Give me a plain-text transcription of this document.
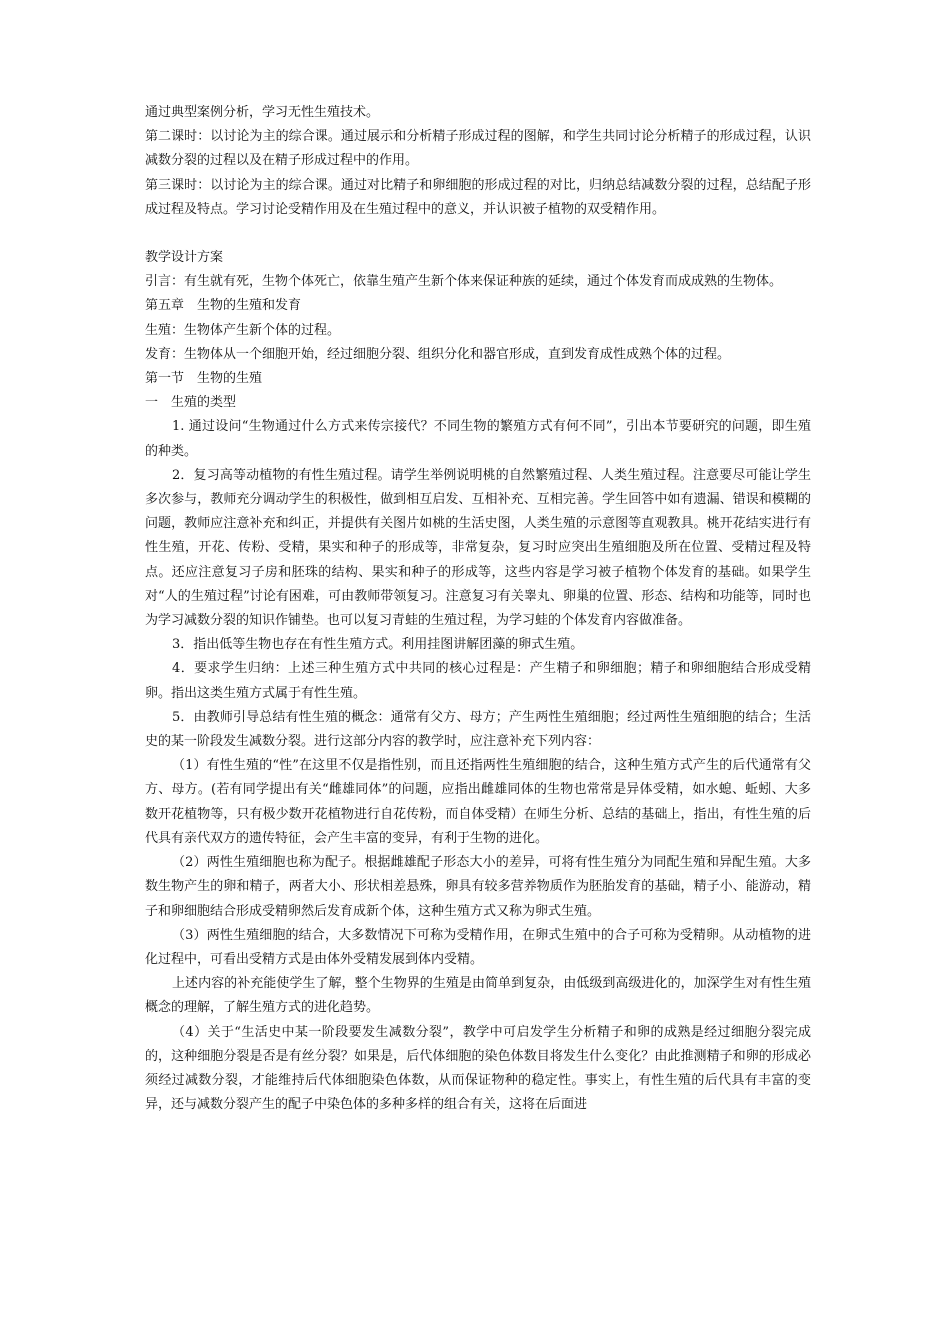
通过典型案例分析，学习无性生殖技术。

第二课时：以讨论为主的综合课。通过展示和分析精子形成过程的图解，和学生共同讨论分析精子的形成过程，认识减数分裂的过程以及在精子形成过程中的作用。

第三课时：以讨论为主的综合课。通过对比精子和卵细胞的形成过程的对比，归纳总结减数分裂的过程，总结配子形成过程及特点。学习讨论受精作用及在生殖过程中的意义，并认识被子植物的双受精作用。

教学设计方案

引言：有生就有死，生物个体死亡，依靠生殖产生新个体来保证种族的延续，通过个体发育而成成熟的生物体。

第五章　生物的生殖和发育

生殖：生物体产生新个体的过程。

发育：生物体从一个细胞开始，经过细胞分裂、组织分化和器官形成，直到发育成性成熟个体的过程。

第一节　生物的生殖

一　生殖的类型

1. 通过设问“生物通过什么方式来传宗接代？不同生物的繁殖方式有何不同”，引出本节要研究的问题，即生殖的种类。

2．复习高等动植物的有性生殖过程。请学生举例说明桃的自然繁殖过程、人类生殖过程。注意要尽可能让学生多次参与，教师充分调动学生的积极性，做到相互启发、互相补充、互相完善。学生回答中如有遗漏、错误和模糊的问题，教师应注意补充和纠正，并提供有关图片如桃的生活史图，人类生殖的示意图等直观教具。桃开花结实进行有性生殖，开花、传粉、受精，果实和种子的形成等，非常复杂，复习时应突出生殖细胞及所在位置、受精过程及特点。还应注意复习子房和胚珠的结构、果实和种子的形成等，这些内容是学习被子植物个体发育的基础。如果学生对“人的生殖过程”讨论有困难，可由教师带领复习。注意复习有关睾丸、卵巢的位置、形态、结构和功能等，同时也为学习减数分裂的知识作铺垫。也可以复习青蛙的生殖过程，为学习蛙的个体发育内容做准备。

3．指出低等生物也存在有性生殖方式。利用挂图讲解团藻的卵式生殖。

4．要求学生归纳：上述三种生殖方式中共同的核心过程是：产生精子和卵细胞；精子和卵细胞结合形成受精卵。指出这类生殖方式属于有性生殖。

5．由教师引导总结有性生殖的概念：通常有父方、母方；产生两性生殖细胞；经过两性生殖细胞的结合；生活史的某一阶段发生减数分裂。进行这部分内容的教学时，应注意补充下列内容：

（1）有性生殖的“性”在这里不仅是指性别，而且还指两性生殖细胞的结合，这种生殖方式产生的后代通常有父方、母方。(若有同学提出有关“雌雄同体”的问题，应指出雌雄同体的生物也常常是异体受精，如水螅、蚯蚓、大多数开花植物等，只有极少数开花植物进行自花传粉，而自体受精）在师生分析、总结的基础上，指出，有性生殖的后代具有亲代双方的遗传特征，会产生丰富的变异，有利于生物的进化。

（2）两性生殖细胞也称为配子。根据雌雄配子形态大小的差异，可将有性生殖分为同配生殖和异配生殖。大多数生物产生的卵和精子，两者大小、形状相差悬殊，卵具有较多营养物质作为胚胎发育的基础，精子小、能游动，精子和卵细胞结合形成受精卵然后发育成新个体，这种生殖方式又称为卵式生殖。

（3）两性生殖细胞的结合，大多数情况下可称为受精作用，在卵式生殖中的合子可称为受精卵。从动植物的进化过程中，可看出受精方式是由体外受精发展到体内受精。

上述内容的补充能使学生了解，整个生物界的生殖是由简单到复杂，由低级到高级进化的，加深学生对有性生殖概念的理解，了解生殖方式的进化趋势。

（4）关于“生活史中某一阶段要发生减数分裂”，教学中可启发学生分析精子和卵的成熟是经过细胞分裂完成的，这种细胞分裂是否是有丝分裂？如果是，后代体细胞的染色体数目将发生什么变化？由此推测精子和卵的形成必须经过减数分裂，才能维持后代体细胞染色体数，从而保证物种的稳定性。事实上，有性生殖的后代具有丰富的变异，还与减数分裂产生的配子中染色体的多种多样的组合有关，这将在后面进
